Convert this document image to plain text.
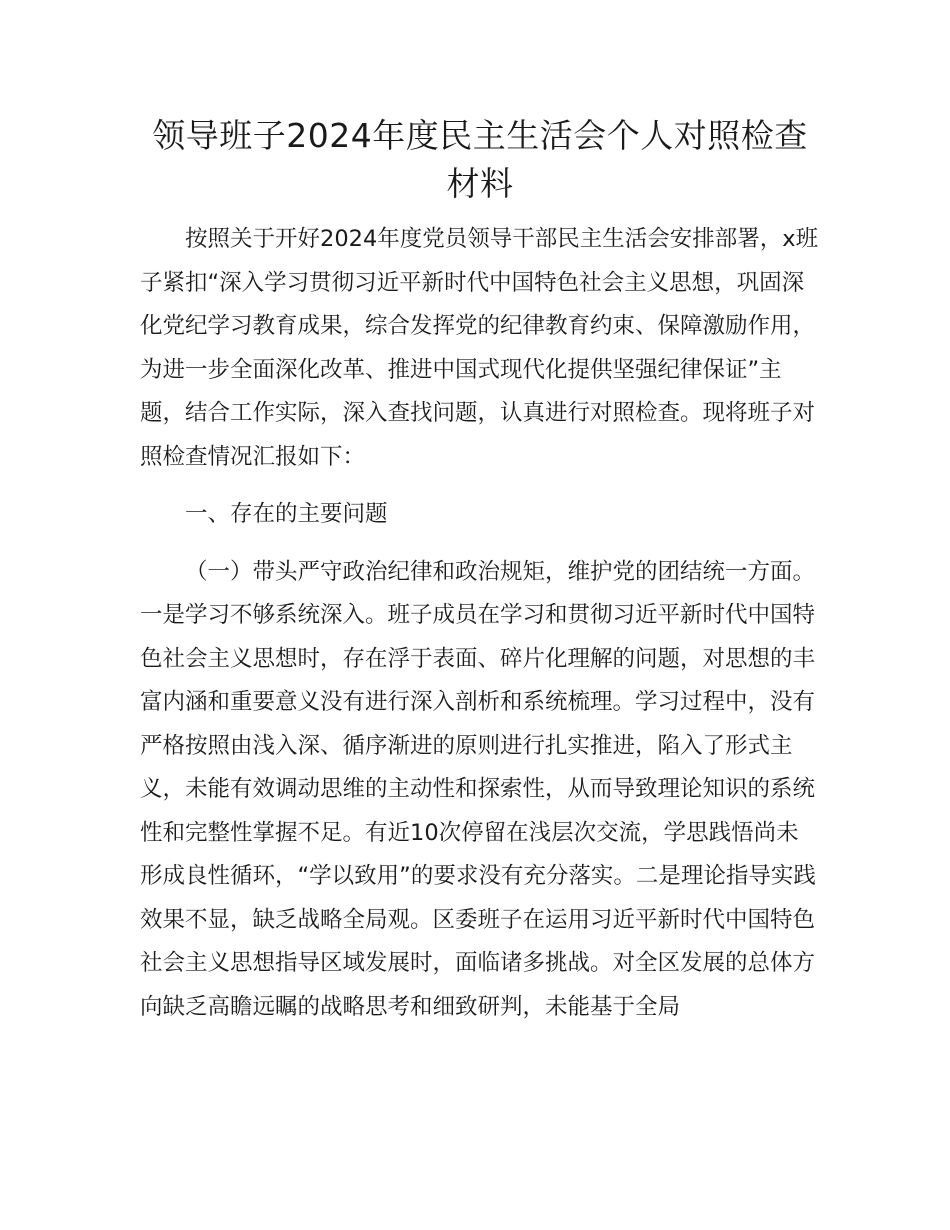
领导班子2024年度民主生活会个人对照检查材料

按照关于开好2024年度党员领导干部民主生活会安排部署，x班子紧扣“深入学习贯彻习近平新时代中国特色社会主义思想，巩固深化党纪学习教育成果，综合发挥党的纪律教育约束、保障激励作用，为进一步全面深化改革、推进中国式现代化提供坚强纪律保证”主题，结合工作实际，深入查找问题，认真进行对照检查。现将班子对照检查情况汇报如下：

一、存在的主要问题

（一）带头严守政治纪律和政治规矩，维护党的团结统一方面。一是学习不够系统深入。班子成员在学习和贯彻习近平新时代中国特色社会主义思想时，存在浮于表面、碎片化理解的问题，对思想的丰富内涵和重要意义没有进行深入剖析和系统梳理。学习过程中，没有严格按照由浅入深、循序渐进的原则进行扎实推进，陷入了形式主义，未能有效调动思维的主动性和探索性，从而导致理论知识的系统性和完整性掌握不足。有近10次停留在浅层次交流，学思践悟尚未形成良性循环，“学以致用”的要求没有充分落实。二是理论指导实践效果不显，缺乏战略全局观。区委班子在运用习近平新时代中国特色社会主义思想指导区域发展时，面临诸多挑战。对全区发展的总体方向缺乏高瞻远瞩的战略思考和细致研判，未能基于全局
